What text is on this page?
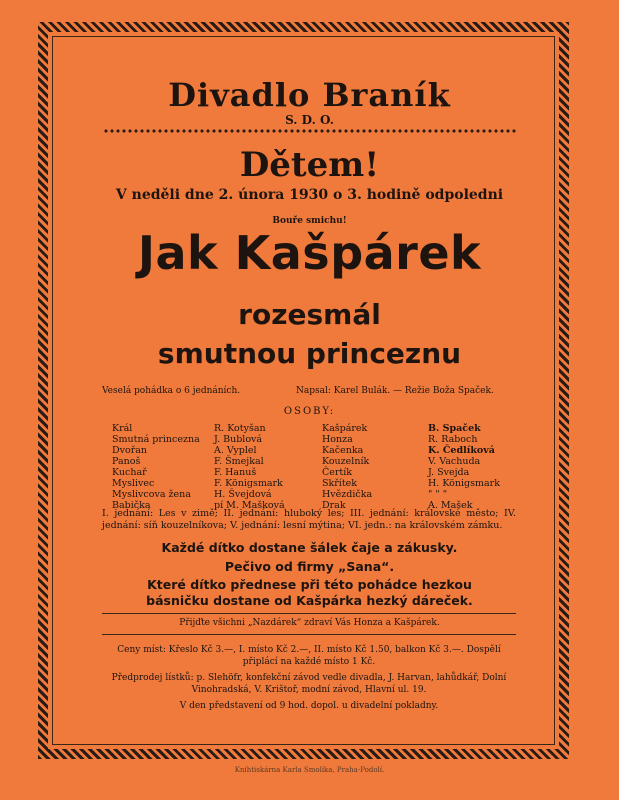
Divadlo Braník
S. D. O.
Dětem!
V neděli dne 2. února 1930 o 3. hodině odpoledni
Bouře smichu!
Jak Kašpárek
rozesmál
smutnou princeznu
Veselá pohádka o 6 jednáních.	Napsal: Karel Bulák. — Režie Boža Spaček.
OSOBY:
Král
Smutná princezna
Dvořan
Panoš
Kuchař
Myslivec
Myslivcova žena
Babička
R. Kotyšan
J. Bublová
A. Vyplel
F. Šmejkal
F. Hanuš
F. Königsmark
H. Švejdová
pí M. Mašková
Kašpárek
Honza
Kačenka
Kouzelník
Čertík
Skřítek
Hvězdička
Drak
B. Spaček
R. Raboch
K. Čedlíková
V. Vachuda
J. Svejda
H. Königsmark
" " "
A. Mašek
I. jednání: Les v zimě; II. jednání: hluboký les; III. jednání: královské město; IV. jednání: síň kouzelníkova; V. jednání: lesní mýtina; VI. jedn.: na královském zámku.
Každé dítko dostane šálek čaje a zákusky.
Pečivo od firmy „Sana“.
Které dítko přednese při této pohádce hezkou
básničku dostane od Kašpárka hezký dáreček.
Přijďte všichni „Nazdárek“ zdraví Vás Honza a Kašpárek.
Ceny míst: Křeslo Kč 3.—, I. místo Kč 2.—, II. místo Kč 1.50, balkon Kč 3.—. Dospělí připlácí na každé místo 1 Kč.
Předprodej lístků: p. Slehöfr, konfekční závod vedle divadla, J. Harvan, lahůdkář, Dolní Vinohradská, V. Krištoř, modní závod, Hlavní ul. 19.
V den představení od 9 hod. dopol. u divadelní pokladny.
Knihtiskárna Karla Smolíka, Praha-Podolí.
